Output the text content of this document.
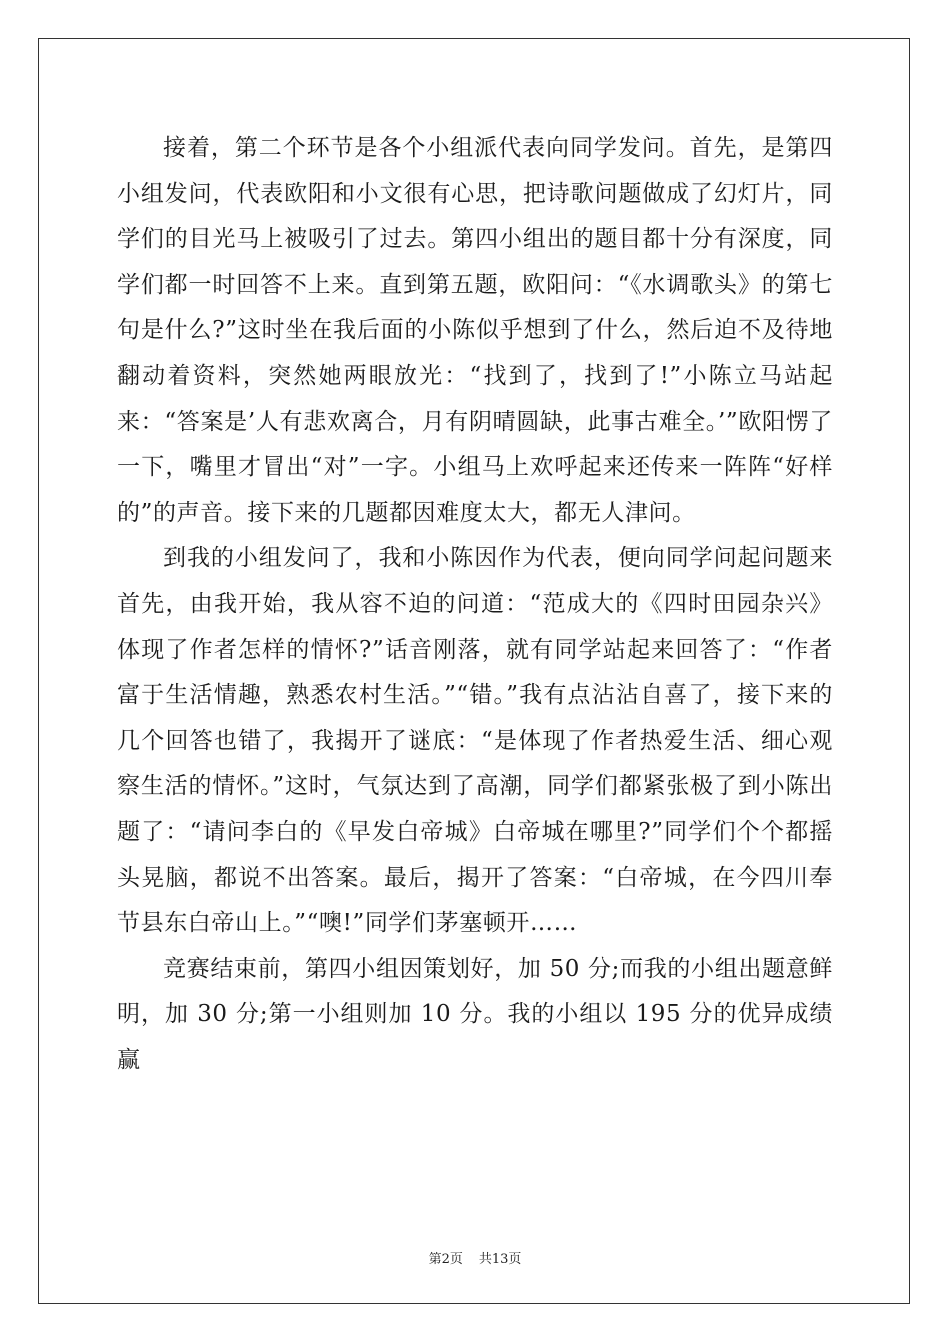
接着，第二个环节是各个小组派代表向同学发问。首先，是第四小组发问，代表欧阳和小文很有心思，把诗歌问题做成了幻灯片，同学们的目光马上被吸引了过去。第四小组出的题目都十分有深度，同学们都一时回答不上来。直到第五题，欧阳问：“《水调歌头》的第七句是什么?”这时坐在我后面的小陈似乎想到了什么，然后迫不及待地翻动着资料，突然她两眼放光：“找到了，找到了!”小陈立马站起来：“答案是’人有悲欢离合，月有阴晴圆缺，此事古难全。’”欧阳愣了一下，嘴里才冒出“对”一字。小组马上欢呼起来还传来一阵阵“好样的”的声音。接下来的几题都因难度太大，都无人津问。

到我的小组发问了，我和小陈因作为代表，便向同学问起问题来首先，由我开始，我从容不迫的问道：“范成大的《四时田园杂兴》体现了作者怎样的情怀?”话音刚落，就有同学站起来回答了：“作者富于生活情趣，熟悉农村生活。”“错。”我有点沾沾自喜了，接下来的几个回答也错了，我揭开了谜底：“是体现了作者热爱生活、细心观察生活的情怀。”这时，气氛达到了高潮，同学们都紧张极了到小陈出题了：“请问李白的《早发白帝城》白帝城在哪里?”同学们个个都摇头晃脑，都说不出答案。最后，揭开了答案：“白帝城，在今四川奉节县东白帝山上。”“噢!”同学们茅塞顿开……

竞赛结束前，第四小组因策划好，加 50 分;而我的小组出题意鲜明，加 30 分;第一小组则加 10 分。我的小组以 195 分的优异成绩赢

第2页 共13页
